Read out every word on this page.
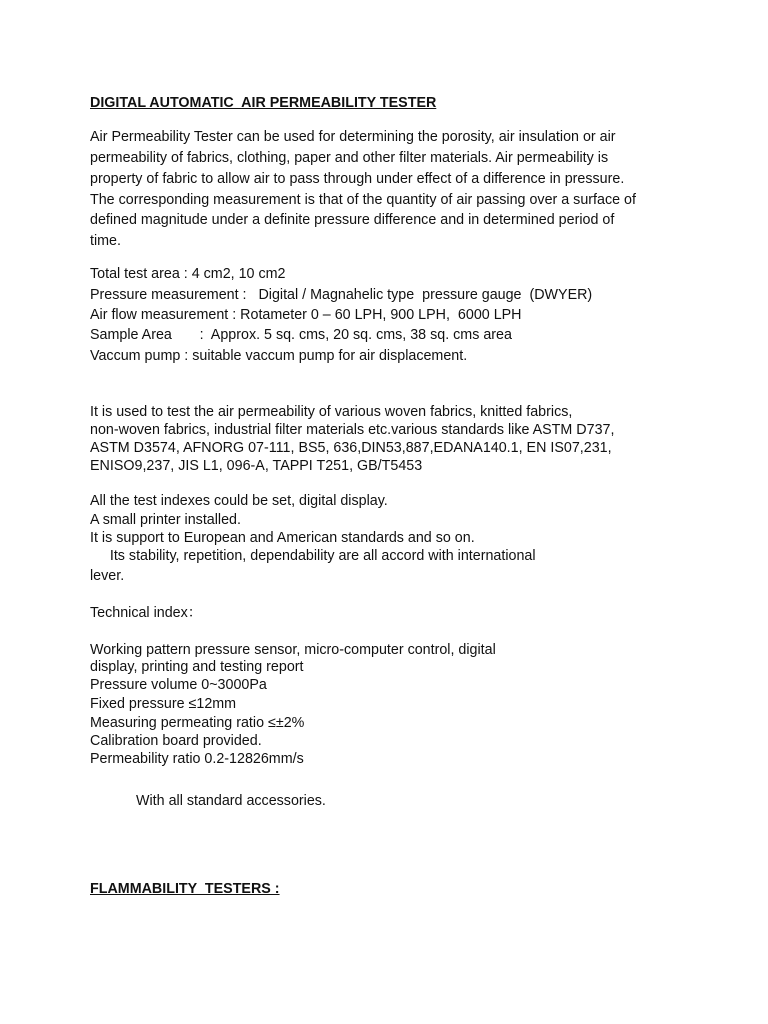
DIGITAL AUTOMATIC  AIR PERMEABILITY TESTER
Air Permeability Tester can be used for determining the porosity, air insulation or air
permeability of fabrics, clothing, paper and other filter materials. Air permeability is
property of fabric to allow air to pass through under effect of a difference in pressure.
The corresponding measurement is that of the quantity of air passing over a surface of
defined magnitude under a definite pressure difference and in determined period of
time.
Total test area : 4 cm2, 10 cm2
Pressure measurement :   Digital / Magnahelic type  pressure gauge  (DWYER)
Air flow measurement : Rotameter 0 – 60 LPH, 900 LPH,  6000 LPH
Sample Area       :  Approx. 5 sq. cms, 20 sq. cms, 38 sq. cms area
Vaccum pump : suitable vaccum pump for air displacement.
It is used to test the air permeability of various woven fabrics, knitted fabrics,
non-woven fabrics, industrial filter materials etc.various standards like ASTM D737,
ASTM D3574, AFNORG 07-111, BS5, 636,DIN53,887,EDANA140.1, EN IS07,231,
ENISO9,237, JIS L1, 096-A, TAPPI T251, GB/T5453
All the test indexes could be set, digital display.
A small printer installed.
It is support to European and American standards and so on.
Its stability, repetition, dependability are all accord with international
lever.
Technical index：
Working pattern pressure sensor, micro-computer control, digital
display, printing and testing report
Pressure volume 0~3000Pa
Fixed pressure ≤12mm
Measuring permeating ratio ≤±2%
Calibration board provided.
Permeability ratio 0.2-12826mm/s
With all standard accessories.
FLAMMABILITY  TESTERS :
